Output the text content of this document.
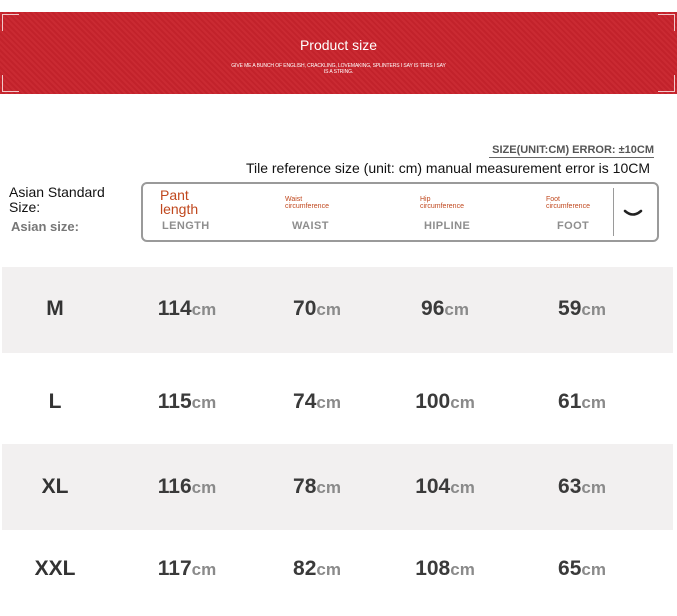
Product size
GIVE ME A BUNCH OF ENGLISH, CRACKLING, LOVEMAKING, SPLINTERS I SAY IS TERS I SAY IS A STRING.
SIZE(UNIT:CM) ERROR: ±10CM
Tile reference size (unit: cm) manual measurement error is 10CM
Asian Standard Size:
Asian size:
Pant length
LENGTH
Waist circumference
WAIST
Hip circumference
HIPLINE
Foot circumference
FOOT
M	114cm	70cm	96cm	59cm
L	115cm	74cm	100cm	61cm
XL	116cm	78cm	104cm	63cm
XXL	117cm	82cm	108cm	65cm
